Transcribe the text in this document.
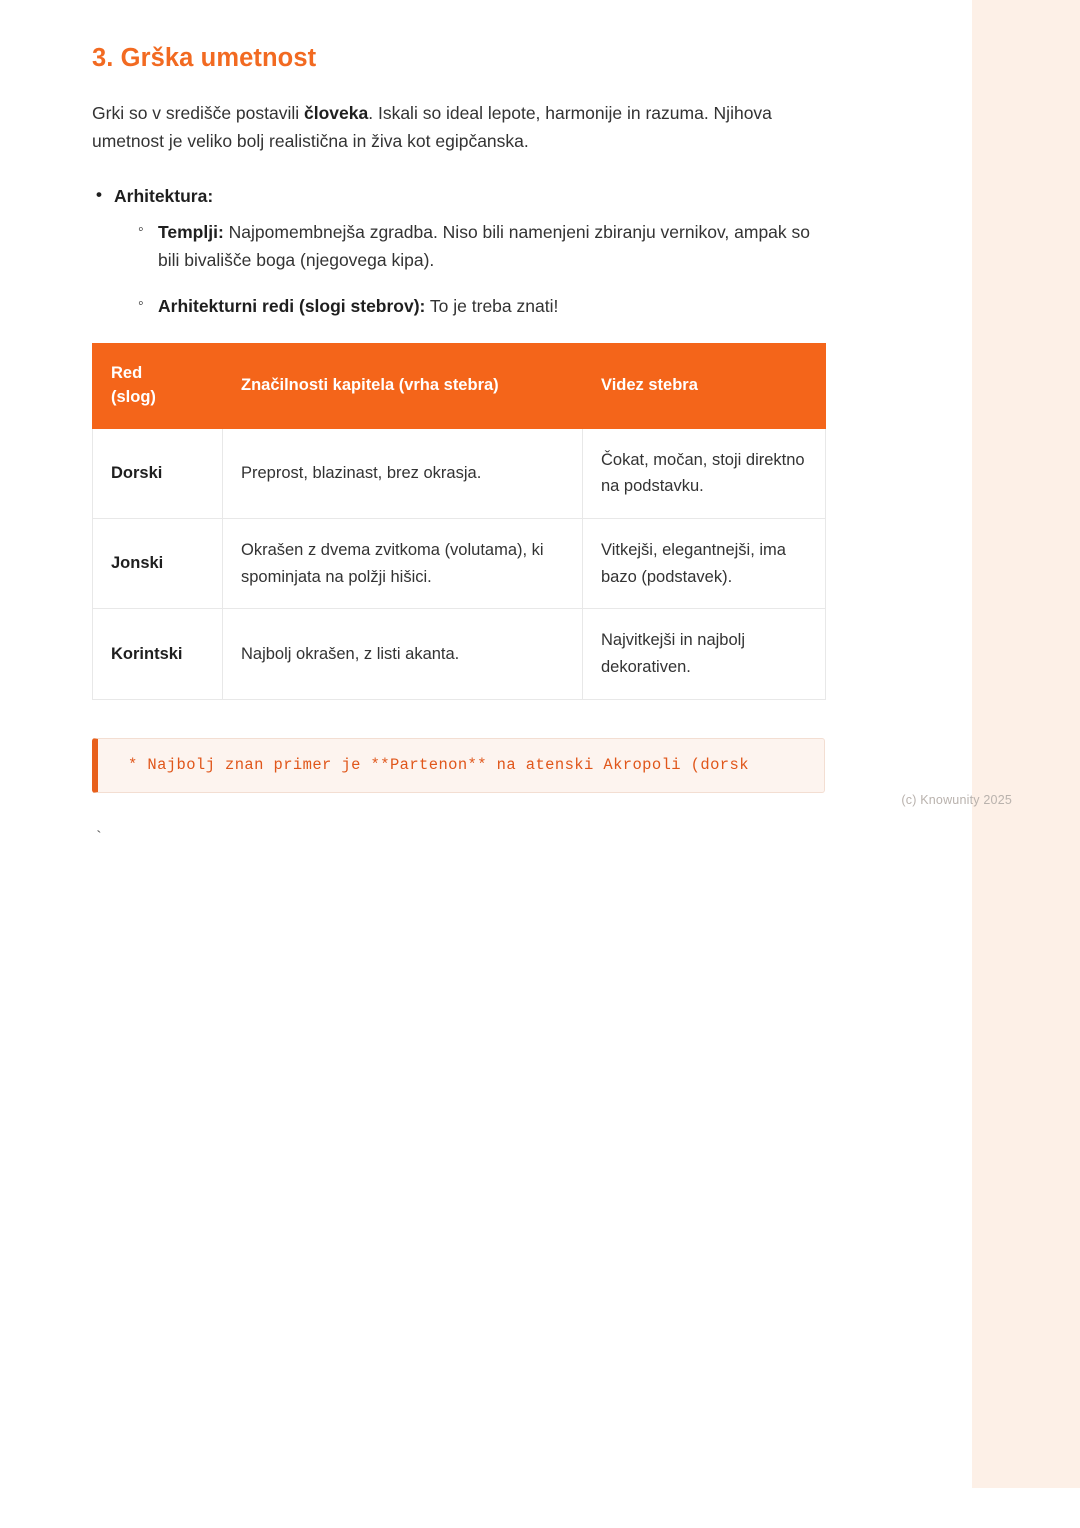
3. Grška umetnost

Grki so v središče postavili človeka. Iskali so ideal lepote, harmonije in razuma. Njihova umetnost je veliko bolj realistična in živa kot egipčanska.

• Arhitektura:
◦ Templji: Najpomembnejša zgradba. Niso bili namenjeni zbiranju vernikov, ampak so bili bivališče boga (njegovega kipa).
◦ Arhitekturni redi (slogi stebrov): To je treba znati!
Red
(slog)	Značilnosti kapitela (vrha stebra)	Videz stebra
Dorski	Preprost, blazinast, brez okrasja.	Čokat, močan, stoji direktno na podstavku.
Jonski	Okrašen z dvema zvitkoma (volutama), ki spominjata na polžji hišici.	Vitkejši, elegantnejši, ima bazo (podstavek).
Korintski	Najbolj okrašen, z listi akanta.	Najvitkejši in najbolj dekorativen.
* Najbolj znan primer je **Partenon** na atenski Akropoli (dorsk
`
(c) Knowunity 2025
